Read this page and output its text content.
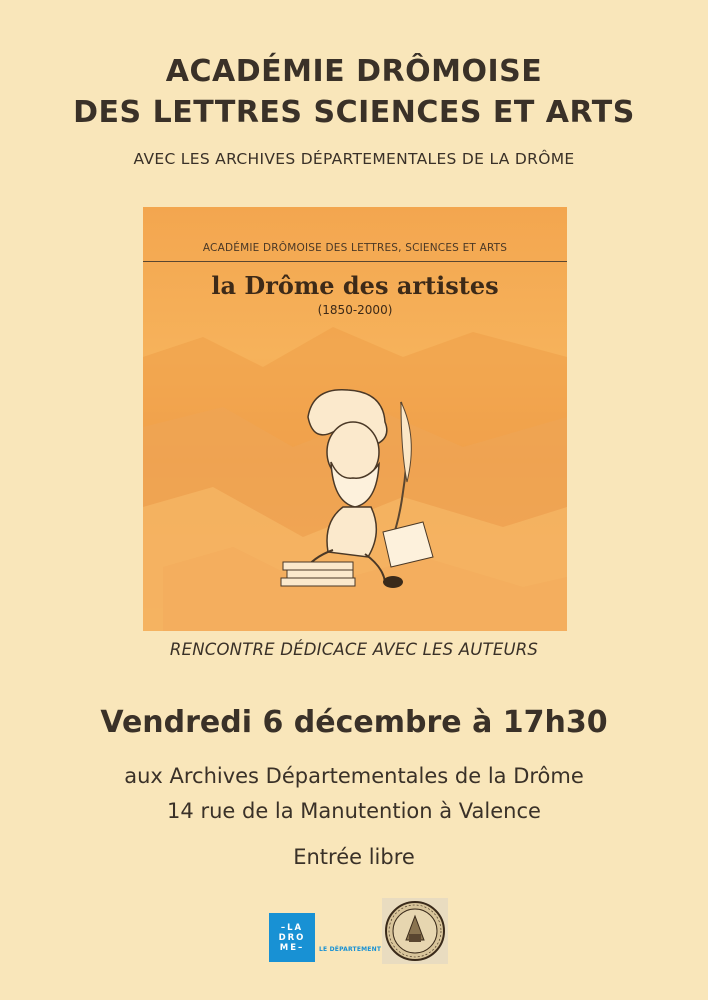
ACADÉMIE DRÔMOISE
DES LETTRES SCIENCES ET ARTS
AVEC LES ARCHIVES DÉPARTEMENTALES DE LA DRÔME
ACADÉMIE DRÔMOISE DES LETTRES, SCIENCES ET ARTS
la Drôme des artistes
(1850-2000)
RENCONTRE DÉDICACE AVEC LES AUTEURS
Vendredi 6 décembre à 17h30
aux Archives Départementales de la Drôme
14 rue de la Manutention à Valence
Entrée libre
–LA
DRO
ME– LE DÉPARTEMENT
